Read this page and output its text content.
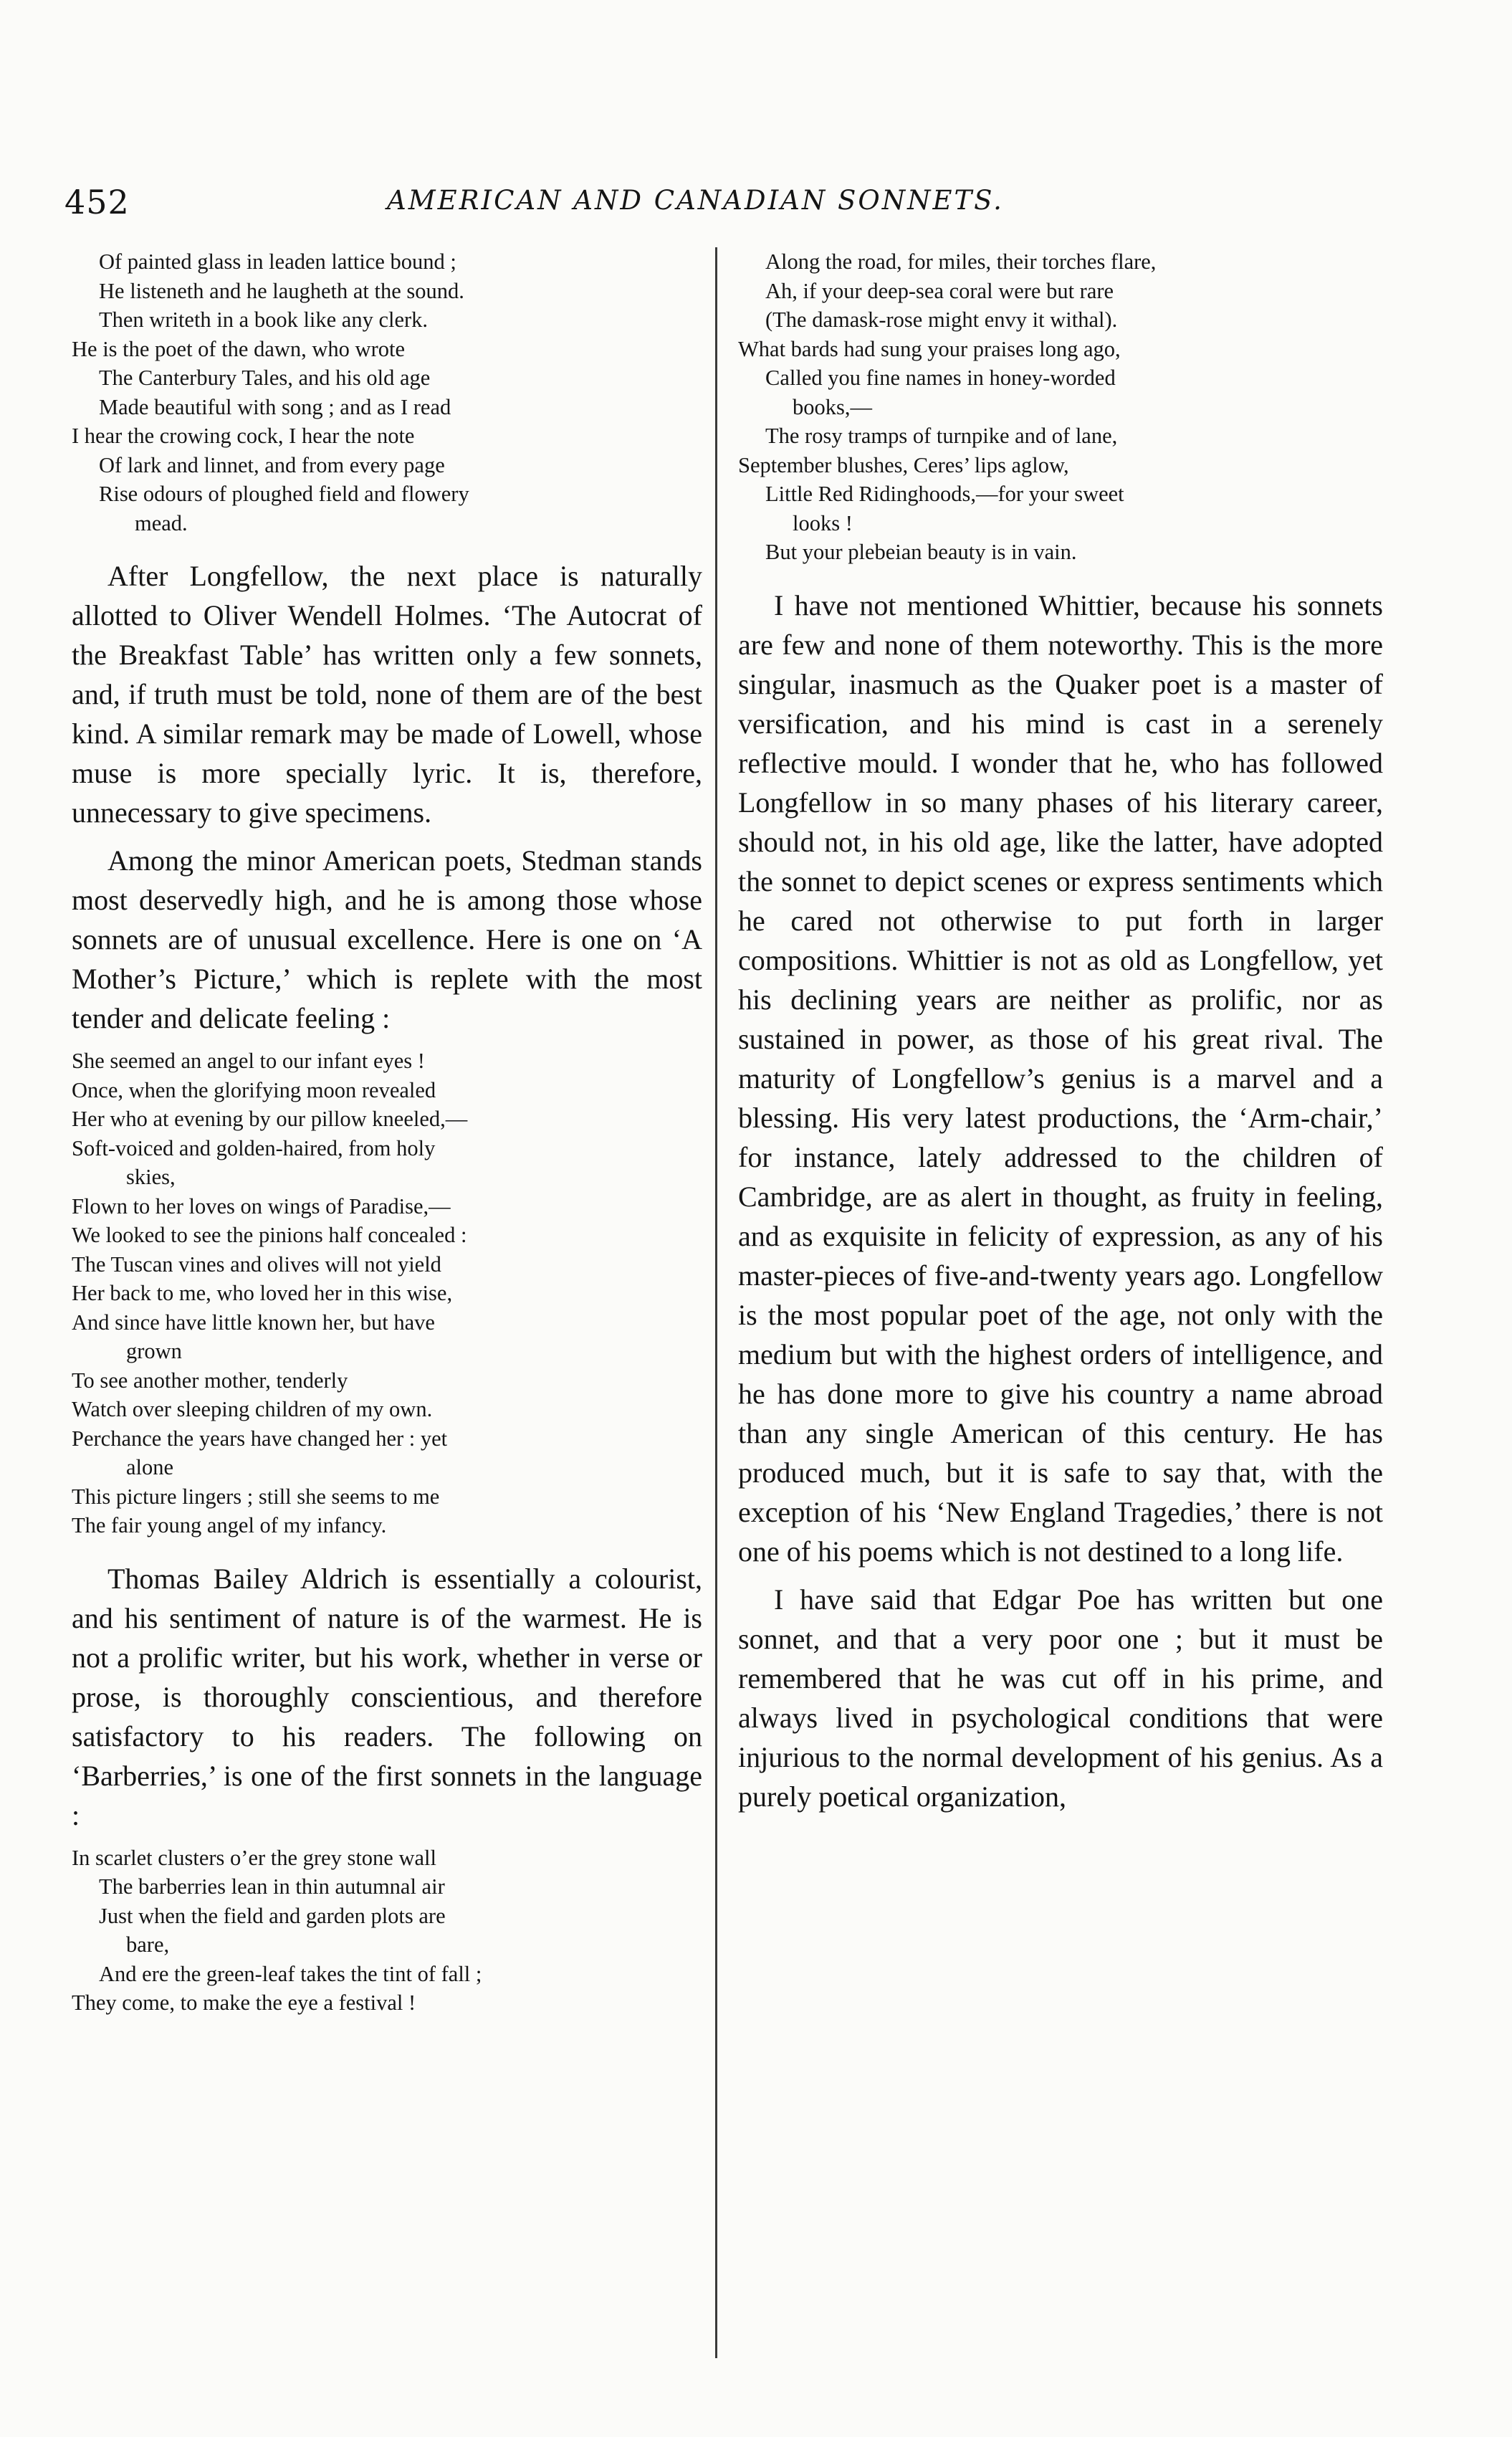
452	AMERICAN AND CANADIAN SONNETS.
Of painted glass in leaden lattice bound ;
He listeneth and he laugheth at the sound.
Then writeth in a book like any clerk.
He is the poet of the dawn, who wrote
The Canterbury Tales, and his old age
Made beautiful with song ; and as I read
I hear the crowing cock, I hear the note
Of lark and linnet, and from every page
Rise odours of ploughed field and flowery
mead.

After Longfellow, the next place is naturally allotted to Oliver Wendell Holmes. ‘The Autocrat of the Breakfast Table’ has written only a few sonnets, and, if truth must be told, none of them are of the best kind. A similar remark may be made of Lowell, whose muse is more specially lyric. It is, therefore, unnecessary to give specimens.

Among the minor American poets, Stedman stands most deservedly high, and he is among those whose sonnets are of unusual excellence. Here is one on ‘A Mother’s Picture,’ which is replete with the most tender and delicate feeling :

She seemed an angel to our infant eyes !
Once, when the glorifying moon revealed
Her who at evening by our pillow kneeled,—
Soft-voiced and golden-haired, from holy
skies,
Flown to her loves on wings of Paradise,—
We looked to see the pinions half concealed :
The Tuscan vines and olives will not yield
Her back to me, who loved her in this wise,
And since have little known her, but have
grown
To see another mother, tenderly
Watch over sleeping children of my own.
Perchance the years have changed her : yet
alone
This picture lingers ; still she seems to me
The fair young angel of my infancy.

Thomas Bailey Aldrich is essentially a colourist, and his sentiment of nature is of the warmest. He is not a prolific writer, but his work, whether in verse or prose, is thoroughly conscientious, and therefore satisfactory to his readers. The following on ‘Barberries,’ is one of the first sonnets in the language :

In scarlet clusters o’er the grey stone wall
The barberries lean in thin autumnal air
Just when the field and garden plots are
bare,
And ere the green-leaf takes the tint of fall ;
They come, to make the eye a festival !
Along the road, for miles, their torches flare,
Ah, if your deep-sea coral were but rare
(The damask-rose might envy it withal).
What bards had sung your praises long ago,
Called you fine names in honey-worded
books,—
The rosy tramps of turnpike and of lane,
September blushes, Ceres’ lips aglow,
Little Red Ridinghoods,—for your sweet
looks !
But your plebeian beauty is in vain.

I have not mentioned Whittier, because his sonnets are few and none of them noteworthy. This is the more singular, inasmuch as the Quaker poet is a master of versification, and his mind is cast in a serenely reflective mould. I wonder that he, who has followed Longfellow in so many phases of his literary career, should not, in his old age, like the latter, have adopted the sonnet to depict scenes or express sentiments which he cared not otherwise to put forth in larger compositions. Whittier is not as old as Longfellow, yet his declining years are neither as prolific, nor as sustained in power, as those of his great rival. The maturity of Longfellow’s genius is a marvel and a blessing. His very latest productions, the ‘Arm-chair,’ for instance, lately addressed to the children of Cambridge, are as alert in thought, as fruity in feeling, and as exquisite in felicity of expression, as any of his master-pieces of five-and-twenty years ago. Longfellow is the most popular poet of the age, not only with the medium but with the highest orders of intelligence, and he has done more to give his country a name abroad than any single American of this century. He has produced much, but it is safe to say that, with the exception of his ‘New England Tragedies,’ there is not one of his poems which is not destined to a long life.

I have said that Edgar Poe has written but one sonnet, and that a very poor one ; but it must be remembered that he was cut off in his prime, and always lived in psychological conditions that were injurious to the normal development of his genius. As a purely poetical organization,
